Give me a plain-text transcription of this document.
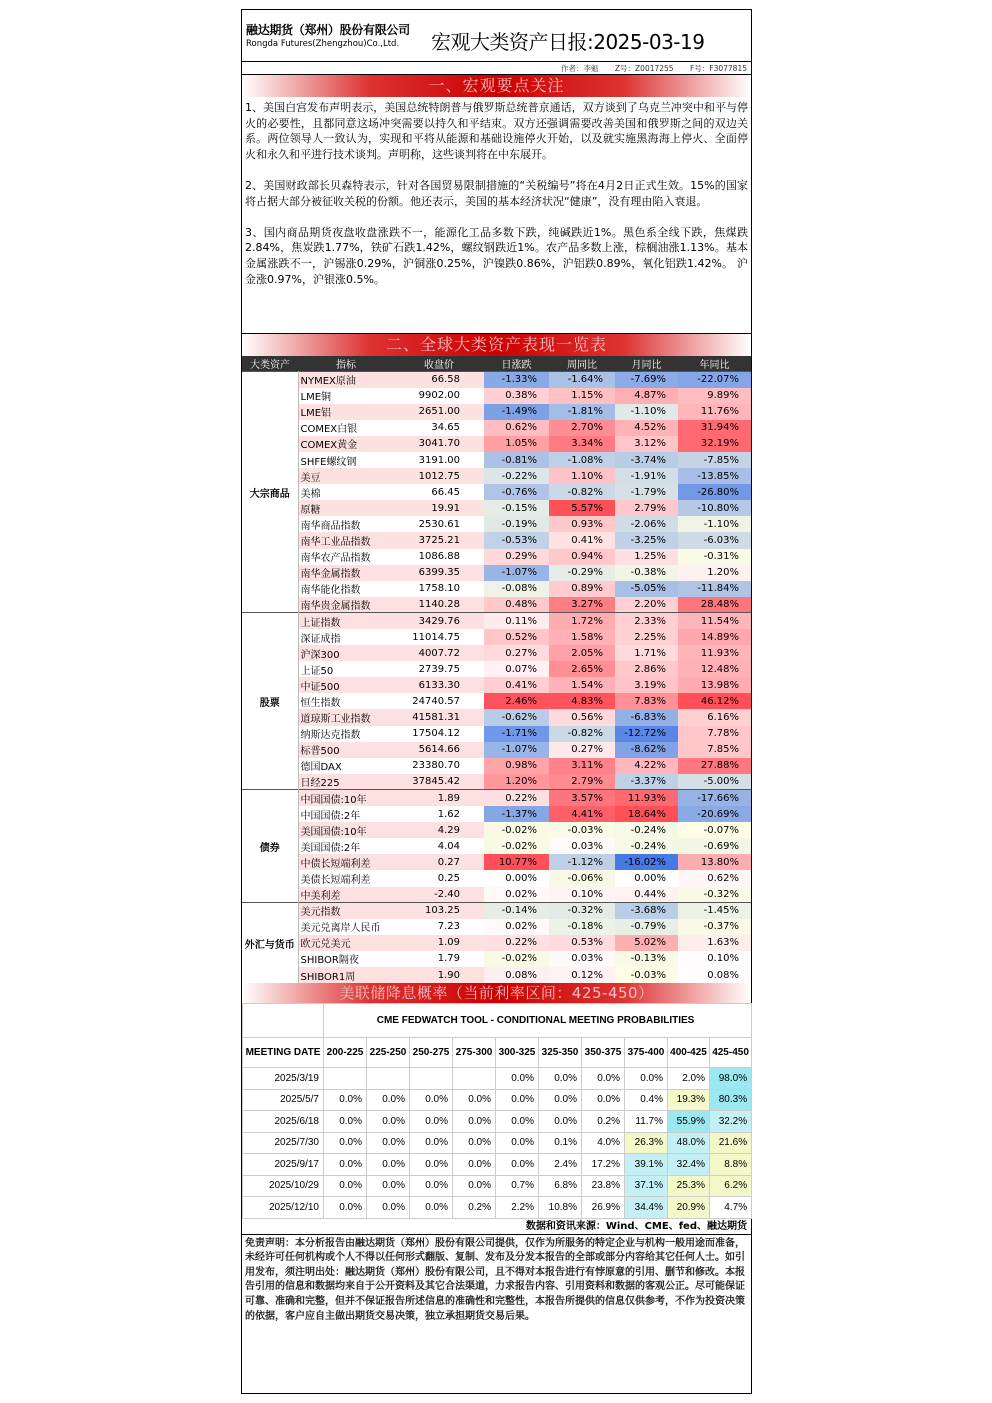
融达期货（郑州）股份有限公司
Rongda Futures(Zhengzhou)Co.,Ltd. 宏观大类资产日报:2025-03-19
作者：李魁 Z号：Z0017255 F号：F3077815
一、宏观要点关注

1、美国白宫发布声明表示，美国总统特朗普与俄罗斯总统普京通话，双方谈到了乌克兰冲突中和平与停火的必要性，且都同意这场冲突需要以持久和平结束。双方还强调需要改善美国和俄罗斯之间的双边关系。两位领导人一致认为，实现和平将从能源和基础设施停火开始，以及就实施黑海海上停火、全面停火和永久和平进行技术谈判。声明称，这些谈判将在中东展开。

2、美国财政部长贝森特表示，针对各国贸易限制措施的“关税编号”将在4月2日正式生效。15%的国家将占据大部分被征收关税的份额。他还表示，美国的基本经济状况“健康”，没有理由陷入衰退。

3、国内商品期货夜盘收盘涨跌不一，能源化工品多数下跌，纯碱跌近1%。黑色系全线下跌，焦煤跌2.84%，焦炭跌1.77%，铁矿石跌1.42%，螺纹钢跌近1%。农产品多数上涨，棕榈油涨1.13%。基本金属涨跌不一，沪锡涨0.29%，沪铜涨0.25%，沪镍跌0.86%，沪铝跌0.89%，氧化铝跌1.42%。 沪金涨0.97%，沪银涨0.5%。

二、全球大类资产表现一览表
大类资产	指标	收盘价	日涨跌	周同比	月同比	年同比
大宗商品	NYMEX原油	66.58	-1.33%	-1.64%	-7.69%	-22.07%
	LME铜	9902.00	0.38%	1.15%	4.87%	9.89%
	LME铝	2651.00	-1.49%	-1.81%	-1.10%	11.76%
	COMEX白银	34.65	0.62%	2.70%	4.52%	31.94%
	COMEX黄金	3041.70	1.05%	3.34%	3.12%	32.19%
	SHFE螺纹钢	3191.00	-0.81%	-1.08%	-3.74%	-7.85%
	美豆	1012.75	-0.22%	1.10%	-1.91%	-13.85%
	美棉	66.45	-0.76%	-0.82%	-1.79%	-26.80%
	原糖	19.91	-0.15%	5.57%	2.79%	-10.80%
	南华商品指数	2530.61	-0.19%	0.93%	-2.06%	-1.10%
	南华工业品指数	3725.21	-0.53%	0.41%	-3.25%	-6.03%
	南华农产品指数	1086.88	0.29%	0.94%	1.25%	-0.31%
	南华金属指数	6399.35	-1.07%	-0.29%	-0.38%	1.20%
	南华能化指数	1758.10	-0.08%	0.89%	-5.05%	-11.84%
	南华贵金属指数	1140.28	0.48%	3.27%	2.20%	28.48%
股票	上证指数	3429.76	0.11%	1.72%	2.33%	11.54%
	深证成指	11014.75	0.52%	1.58%	2.25%	14.89%
	沪深300	4007.72	0.27%	2.05%	1.71%	11.93%
	上证50	2739.75	0.07%	2.65%	2.86%	12.48%
	中证500	6133.30	0.41%	1.54%	3.19%	13.98%
	恒生指数	24740.57	2.46%	4.83%	7.83%	46.12%
	道琼斯工业指数	41581.31	-0.62%	0.56%	-6.83%	6.16%
	纳斯达克指数	17504.12	-1.71%	-0.82%	-12.72%	7.78%
	标普500	5614.66	-1.07%	0.27%	-8.62%	7.85%
	德国DAX	23380.70	0.98%	3.11%	4.22%	27.88%
	日经225	37845.42	1.20%	2.79%	-3.37%	-5.00%
债券	中国国债:10年	1.89	0.22%	3.57%	11.93%	-17.66%
	中国国债:2年	1.62	-1.37%	4.41%	18.64%	-20.69%
	美国国债:10年	4.29	-0.02%	-0.03%	-0.24%	-0.07%
	美国国债:2年	4.04	-0.02%	0.03%	-0.24%	-0.69%
	中债长短端利差	0.27	10.77%	-1.12%	-16.02%	13.80%
	美债长短端利差	0.25	0.00%	-0.06%	0.00%	0.62%
	中美利差	-2.40	0.02%	0.10%	0.44%	-0.32%
外汇与货币	美元指数	103.25	-0.14%	-0.32%	-3.68%	-1.45%
	美元兑离岸人民币	7.23	0.02%	-0.18%	-0.79%	-0.37%
	欧元兑美元	1.09	0.22%	0.53%	5.02%	1.63%
	SHIBOR隔夜	1.79	-0.02%	0.03%	-0.13%	0.10%
	SHIBOR1周	1.90	0.08%	0.12%	-0.03%	0.08%
美联储降息概率（当前利率区间：425-450）
	CME FEDWATCH TOOL - CONDITIONAL MEETING PROBABILITIES									
MEETING DATE	200-225	225-250	250-275	275-300	300-325	325-350	350-375	375-400	400-425	425-450
2025/3/19					0.0%	0.0%	0.0%	0.0%	2.0%	98.0%
2025/5/7	0.0%	0.0%	0.0%	0.0%	0.0%	0.0%	0.0%	0.4%	19.3%	80.3%
2025/6/18	0.0%	0.0%	0.0%	0.0%	0.0%	0.0%	0.2%	11.7%	55.9%	32.2%
2025/7/30	0.0%	0.0%	0.0%	0.0%	0.0%	0.1%	4.0%	26.3%	48.0%	21.6%
2025/9/17	0.0%	0.0%	0.0%	0.0%	0.0%	2.4%	17.2%	39.1%	32.4%	8.8%
2025/10/29	0.0%	0.0%	0.0%	0.0%	0.7%	6.8%	23.8%	37.1%	25.3%	6.2%
2025/12/10	0.0%	0.0%	0.0%	0.2%	2.2%	10.8%	26.9%	34.4%	20.9%	4.7%
数据和资讯来源：Wind、CME、fed、融达期货
免责声明：本分析报告由融达期货（郑州）股份有限公司提供，仅作为所服务的特定企业与机构一般用途而准备，未经许可任何机构或个人不得以任何形式翻版、复制、发布及分发本报告的全部或部分内容给其它任何人士。如引用发布，须注明出处：融达期货（郑州）股份有限公司，且不得对本报告进行有悖原意的引用、删节和修改。本报告引用的信息和数据均来自于公开资料及其它合法渠道，力求报告内容、引用资料和数据的客观公正。尽可能保证可靠、准确和完整，但并不保证报告所述信息的准确性和完整性，本报告所提供的信息仅供参考，不作为投资决策的依据，客户应自主做出期货交易决策，独立承担期货交易后果。
